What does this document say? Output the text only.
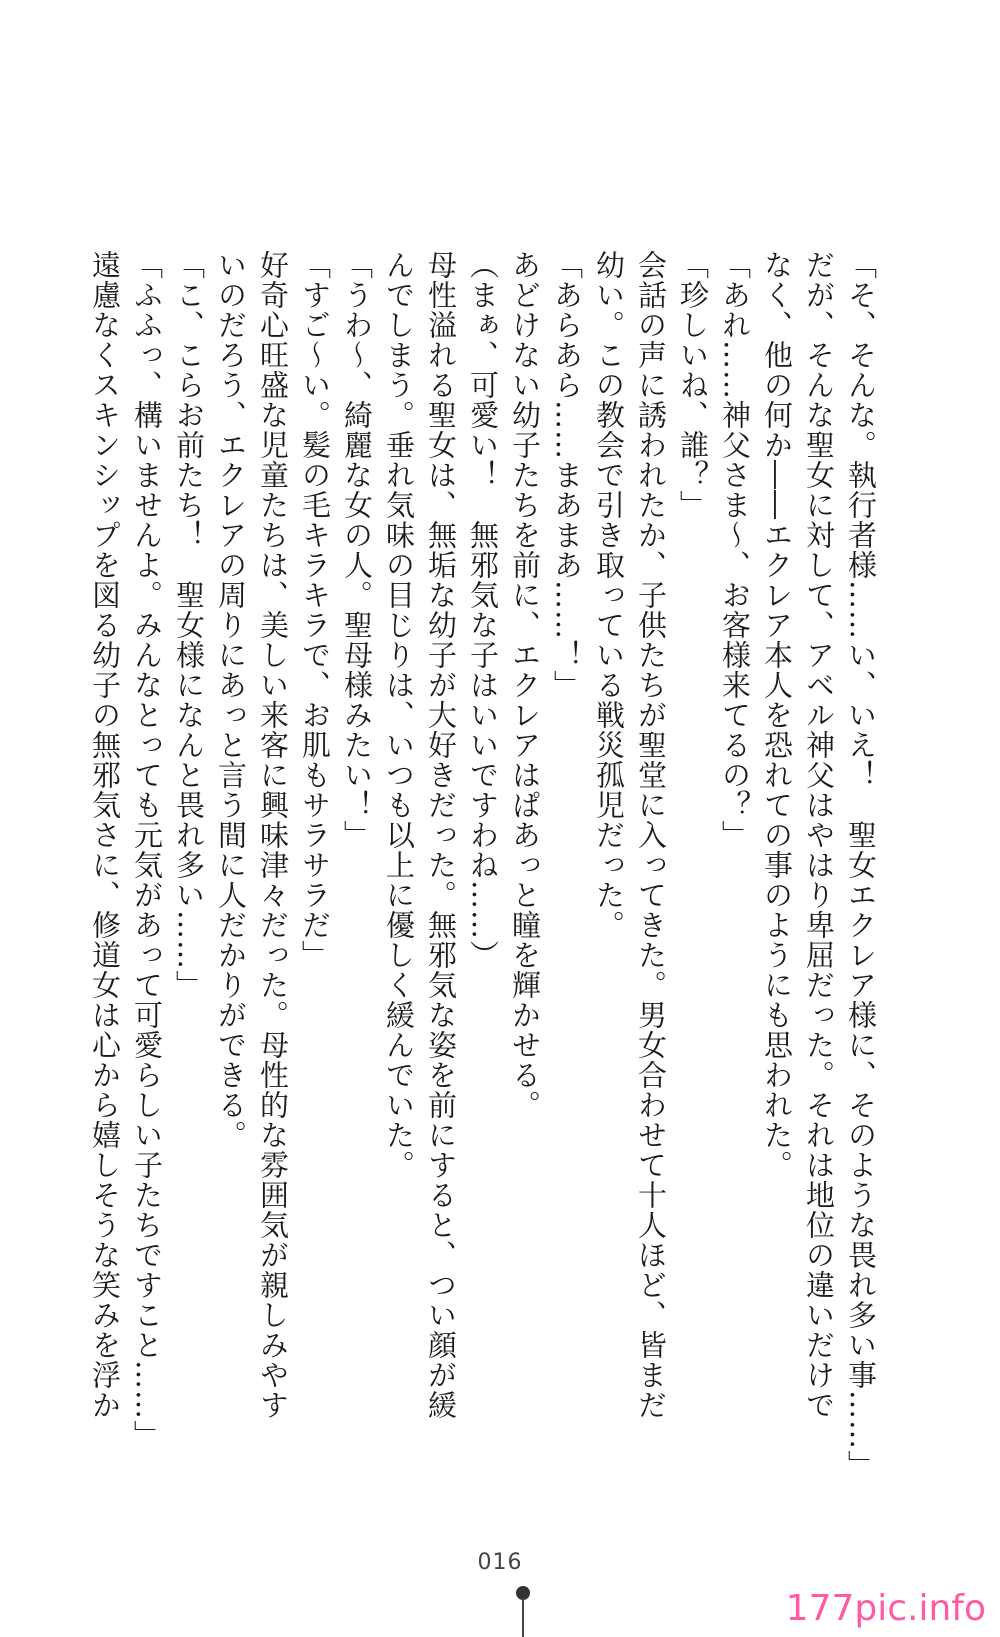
「そ、そんな。執行者様……い、いえ！　聖女エクレア様に、そのような畏れ多い事……」
だが、そんな聖女に対して、アベル神父はやはり卑屈だった。それは地位の違いだけで
なく、他の何か――エクレア本人を恐れての事のようにも思われた。
「あれ……神父さま～、お客様来てるの？」
「珍しいね、誰？」
会話の声に誘われたか、子供たちが聖堂に入ってきた。男女合わせて十人ほど、皆まだ
幼い。この教会で引き取っている戦災孤児だった。
「あらあら……まあまあ……！」
あどけない幼子たちを前に、エクレアはぱあっと瞳を輝かせる。
（まぁ、可愛い！　無邪気な子はいいですわね……）
母性溢れる聖女は、無垢な幼子が大好きだった。無邪気な姿を前にすると、つい顔が緩
んでしまう。垂れ気味の目じりは、いつも以上に優しく緩んでいた。
「うわ～、綺麗な女の人。聖母様みたい！」
「すご～い。髪の毛キラキラで、お肌もサラサラだ」
好奇心旺盛な児童たちは、美しい来客に興味津々だった。母性的な雰囲気が親しみやす
いのだろう、エクレアの周りにあっと言う間に人だかりができる。
「こ、こらお前たち！　聖女様になんと畏れ多い……」
「ふふっ、構いませんよ。みんなとっても元気があって可愛らしい子たちですこと……」
遠慮なくスキンシップを図る幼子の無邪気さに、修道女は心から嬉しそうな笑みを浮か
016
177pic.info
